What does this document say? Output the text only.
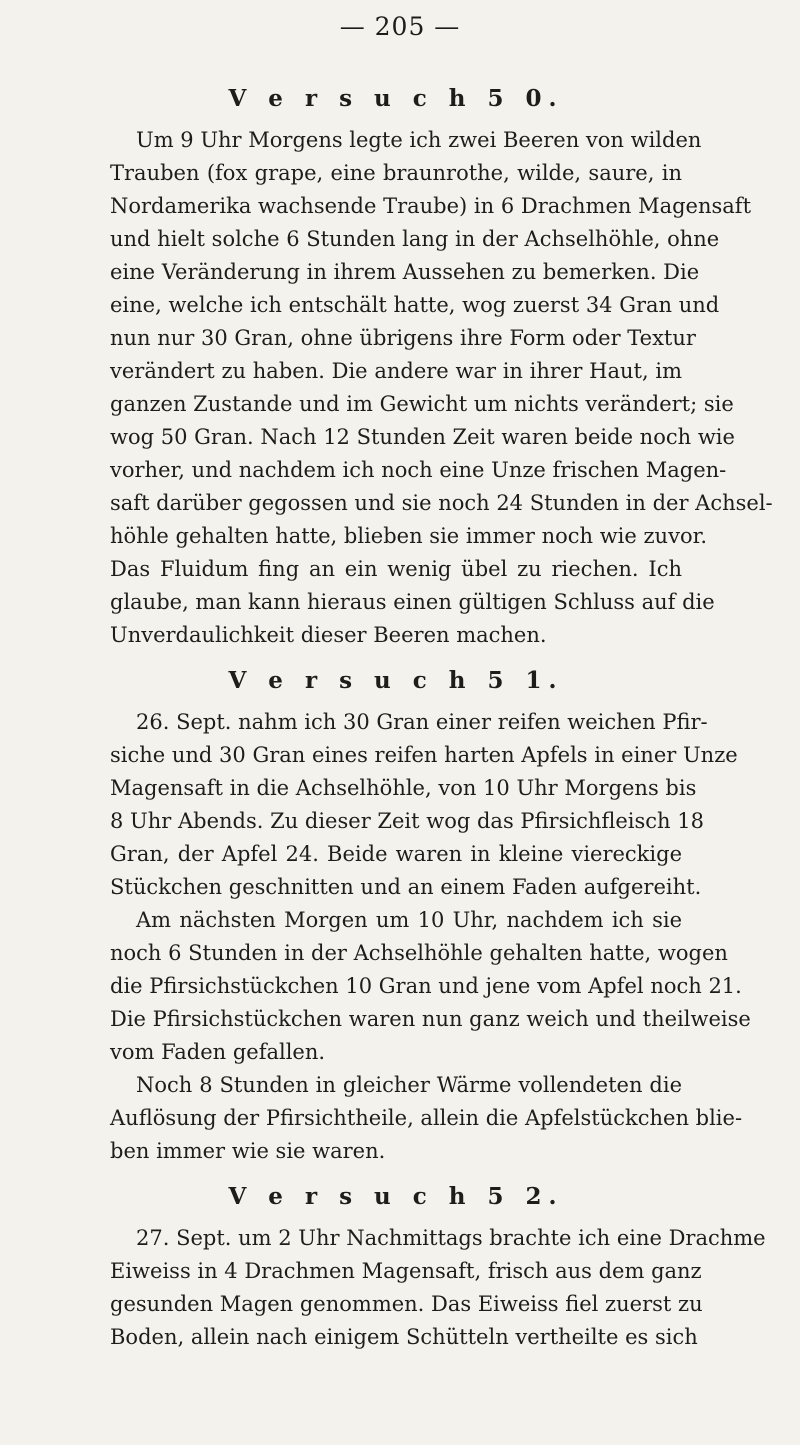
— 205 —
V e r s u c h 5 0.
Um 9 Uhr Morgens legte ich zwei Beeren von wilden
Trauben (fox grape, eine braunrothe, wilde, saure, in
Nordamerika wachsende Traube) in 6 Drachmen Magensaft
und hielt solche 6 Stunden lang in der Achselhöhle, ohne
eine Veränderung in ihrem Aussehen zu bemerken. Die
eine, welche ich entschält hatte, wog zuerst 34 Gran und
nun nur 30 Gran, ohne übrigens ihre Form oder Textur
verändert zu haben. Die andere war in ihrer Haut, im
ganzen Zustande und im Gewicht um nichts verändert; sie
wog 50 Gran. Nach 12 Stunden Zeit waren beide noch wie
vorher, und nachdem ich noch eine Unze frischen Magen-
saft darüber gegossen und sie noch 24 Stunden in der Achsel-
höhle gehalten hatte, blieben sie immer noch wie zuvor.
Das Fluidum fing an ein wenig übel zu riechen. Ich
glaube, man kann hieraus einen gültigen Schluss auf die
Unverdaulichkeit dieser Beeren machen.
V e r s u c h 5 1.
26. Sept. nahm ich 30 Gran einer reifen weichen Pfir-
siche und 30 Gran eines reifen harten Apfels in einer Unze
Magensaft in die Achselhöhle, von 10 Uhr Morgens bis
8 Uhr Abends. Zu dieser Zeit wog das Pfirsichfleisch 18
Gran, der Apfel 24. Beide waren in kleine viereckige
Stückchen geschnitten und an einem Faden aufgereiht.
Am nächsten Morgen um 10 Uhr, nachdem ich sie
noch 6 Stunden in der Achselhöhle gehalten hatte, wogen
die Pfirsichstückchen 10 Gran und jene vom Apfel noch 21.
Die Pfirsichstückchen waren nun ganz weich und theilweise
vom Faden gefallen.
Noch 8 Stunden in gleicher Wärme vollendeten die
Auflösung der Pfirsichtheile, allein die Apfelstückchen blie-
ben immer wie sie waren.
V e r s u c h 5 2.
27. Sept. um 2 Uhr Nachmittags brachte ich eine Drachme
Eiweiss in 4 Drachmen Magensaft, frisch aus dem ganz
gesunden Magen genommen. Das Eiweiss fiel zuerst zu
Boden, allein nach einigem Schütteln vertheilte es sich
